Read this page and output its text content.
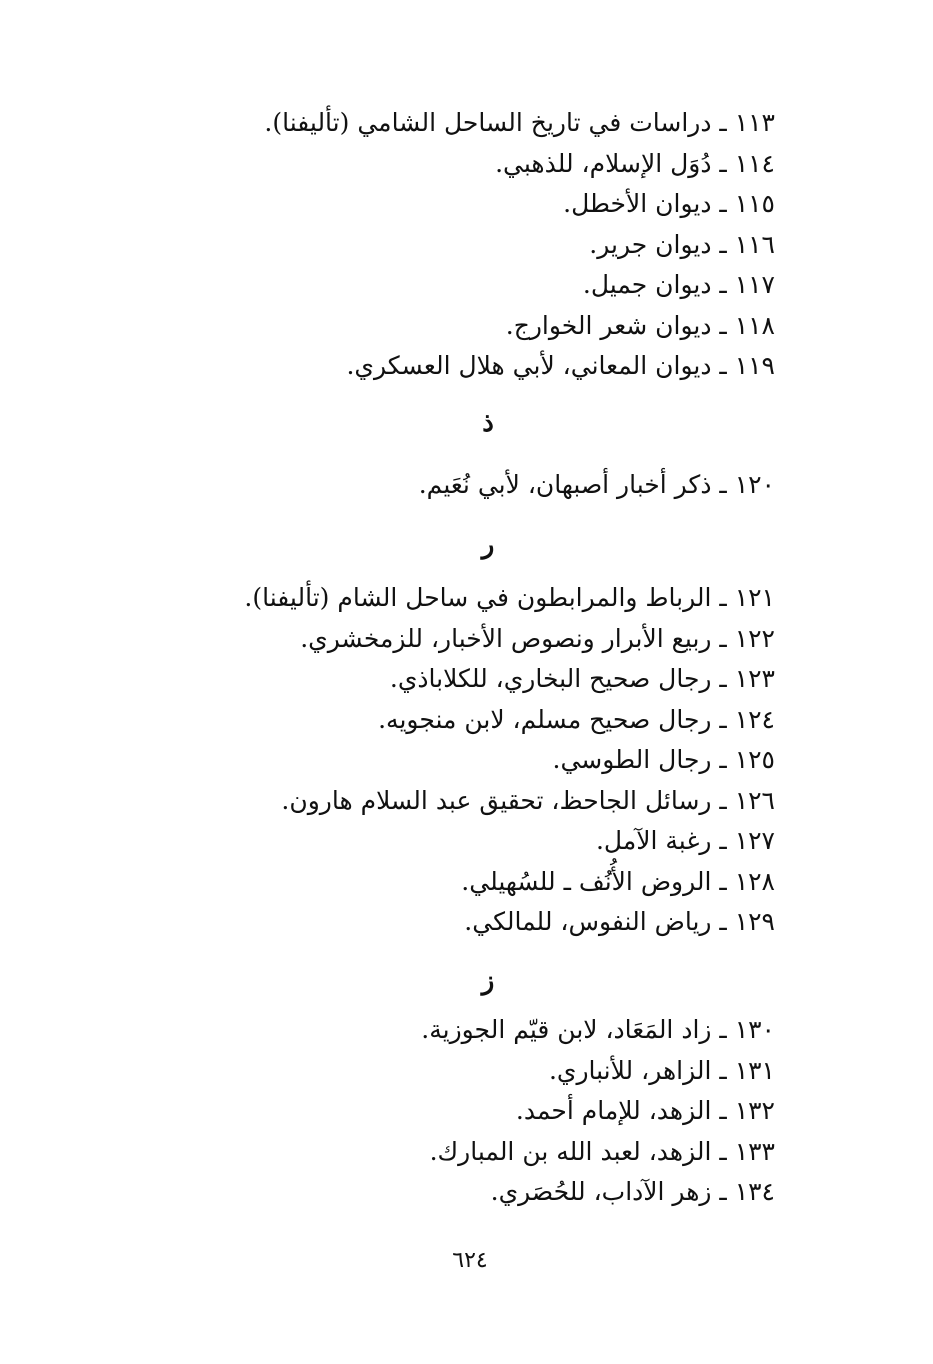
١١٣ ـ دراسات في تاريخ الساحل الشامي (تأليفنا).
١١٤ ـ دُوَل الإسلام، للذهبي.
١١٥ ـ ديوان الأخطل.
١١٦ ـ ديوان جرير.
١١٧ ـ ديوان جميل.
١١٨ ـ ديوان شعر الخوارج.
١١٩ ـ ديوان المعاني، لأبي هلال العسكري.
ذ
١٢٠ ـ ذكر أخبار أصبهان، لأبي نُعَيم.
ر
١٢١ ـ الرباط والمرابطون في ساحل الشام (تأليفنا).
١٢٢ ـ ربيع الأبرار ونصوص الأخبار، للزمخشري.
١٢٣ ـ رجال صحيح البخاري، للكلاباذي.
١٢٤ ـ رجال صحيح مسلم، لابن منجويه.
١٢٥ ـ رجال الطوسي.
١٢٦ ـ رسائل الجاحظ، تحقيق عبد السلام هارون.
١٢٧ ـ رغبة الآمل.
١٢٨ ـ الروض الأُنُف ـ للسُهيلي.
١٢٩ ـ رياض النفوس، للمالكي.
ز
١٣٠ ـ زاد المَعَاد، لابن قيّم الجوزية.
١٣١ ـ الزاهر، للأنباري.
١٣٢ ـ الزهد، للإمام أحمد.
١٣٣ ـ الزهد، لعبد الله بن المبارك.
١٣٤ ـ زهر الآداب، للحُصَري.
٦٢٤
